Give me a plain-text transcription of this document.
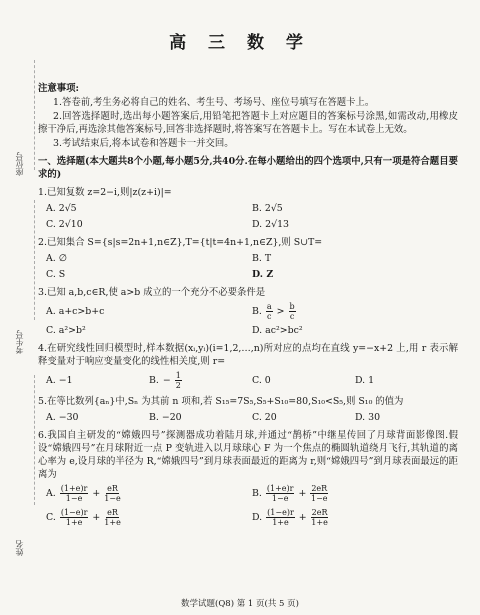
高 三 数 学
座位号
考生号
姓名
注意事项:
1.答卷前,考生务必将自己的姓名、考生号、考场号、座位号填写在答题卡上。
2.回答选择题时,选出每小题答案后,用铅笔把答题卡上对应题目的答案标号涂黑,如需改动,用橡皮擦干净后,再选涂其他答案标号,回答非选择题时,将答案写在答题卡上。写在本试卷上无效。
3.考试结束后,将本试卷和答题卡一并交回。
一、选择题(本大题共8个小题,每小题5分,共40分.在每小题给出的四个选项中,只有一项是符合题目要求的)
1.已知复数 z=2−i,则|z(z+i)|=
A. 2√5	B. 2√5
C. 2√10	D. 2√13
2.已知集合 S={s|s=2n+1,n∈Z},T={t|t=4n+1,n∈Z},则 S∪T=
A. ∅	B. T
C. S	D. Z
3.已知 a,b,c∈R,使 a>b 成立的一个充分不必要条件是
A. a+c>b+c	B. $\frac{a}{c} > \frac{b}{c}$
C. a²>b²	D. ac²>bc²
4.在研究线性回归模型时,样本数据(xᵢ,yᵢ)(i=1,2,…,n)所对应的点均在直线 y=−x+2 上,用 r 表示解释变量对于响应变量变化的线性相关度,则 r=
A. −1	B. − $\frac{1}{2}$	C. 0	D. 1
5.在等比数列{aₙ}中,Sₙ 为其前 n 项和,若 S₁₅=7S₅,S₅+S₁₀=80,S₁₀<S₅,则 S₁₀ 的值为
A. −30	B. −20	C. 20	D. 30
6.我国自主研发的“嫦娥四号”探测器成功着陆月球,并通过“鹊桥”中继星传回了月球背面影像图.假设“嫦娥四号”在月球附近一点 P 变轨进入以月球球心 F 为一个焦点的椭圆轨道绕月飞行,其轨道的离心率为 e,设月球的半径为 R,“嫦娥四号”到月球表面最近的距离为 r,则“嫦娥四号”到月球表面最远的距离为
A. $\frac{(1+e)r}{1-e} + \frac{eR}{1-e}$	B. $\frac{(1+e)r}{1-e} + \frac{2eR}{1-e}$
C. $\frac{(1-e)r}{1+e} + \frac{eR}{1+e}$	D. $\frac{(1-e)r}{1+e} + \frac{2eR}{1+e}$
数学试题(Q8) 第 1 页(共 5 页)
